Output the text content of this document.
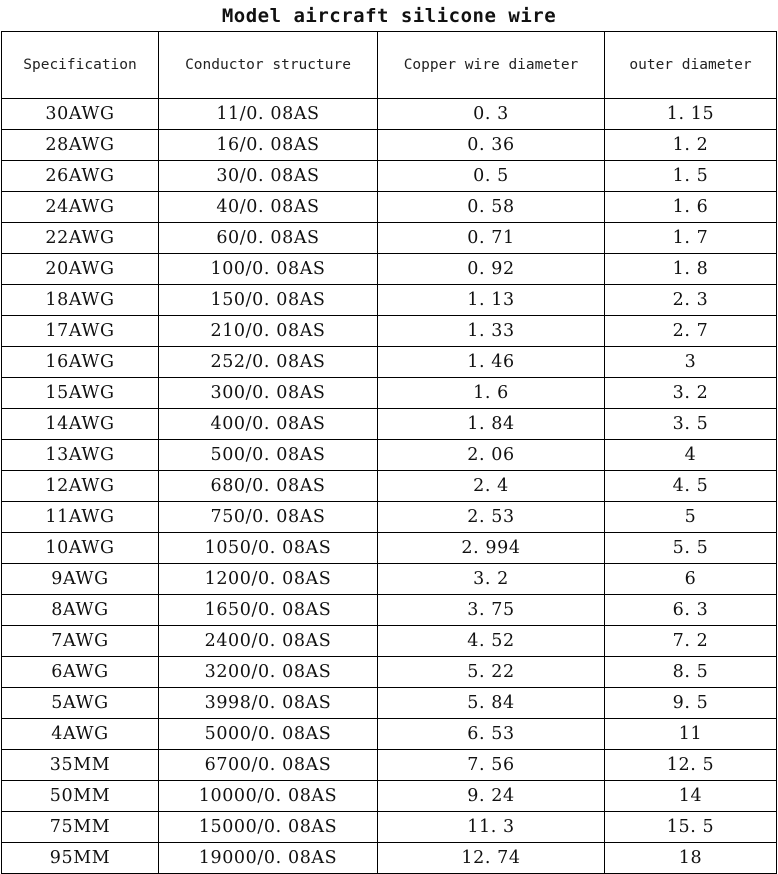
Model aircraft silicone wire
Specification	Conductor structure	Copper wire diameter	outer diameter
30AWG	11/0. 08AS	0. 3	1. 15
28AWG	16/0. 08AS	0. 36	1. 2
26AWG	30/0. 08AS	0. 5	1. 5
24AWG	40/0. 08AS	0. 58	1. 6
22AWG	60/0. 08AS	0. 71	1. 7
20AWG	100/0. 08AS	0. 92	1. 8
18AWG	150/0. 08AS	1. 13	2. 3
17AWG	210/0. 08AS	1. 33	2. 7
16AWG	252/0. 08AS	1. 46	3
15AWG	300/0. 08AS	1. 6	3. 2
14AWG	400/0. 08AS	1. 84	3. 5
13AWG	500/0. 08AS	2. 06	4
12AWG	680/0. 08AS	2. 4	4. 5
11AWG	750/0. 08AS	2. 53	5
10AWG	1050/0. 08AS	2. 994	5. 5
9AWG	1200/0. 08AS	3. 2	6
8AWG	1650/0. 08AS	3. 75	6. 3
7AWG	2400/0. 08AS	4. 52	7. 2
6AWG	3200/0. 08AS	5. 22	8. 5
5AWG	3998/0. 08AS	5. 84	9. 5
4AWG	5000/0. 08AS	6. 53	11
35MM	6700/0. 08AS	7. 56	12. 5
50MM	10000/0. 08AS	9. 24	14
75MM	15000/0. 08AS	11. 3	15. 5
95MM	19000/0. 08AS	12. 74	18
